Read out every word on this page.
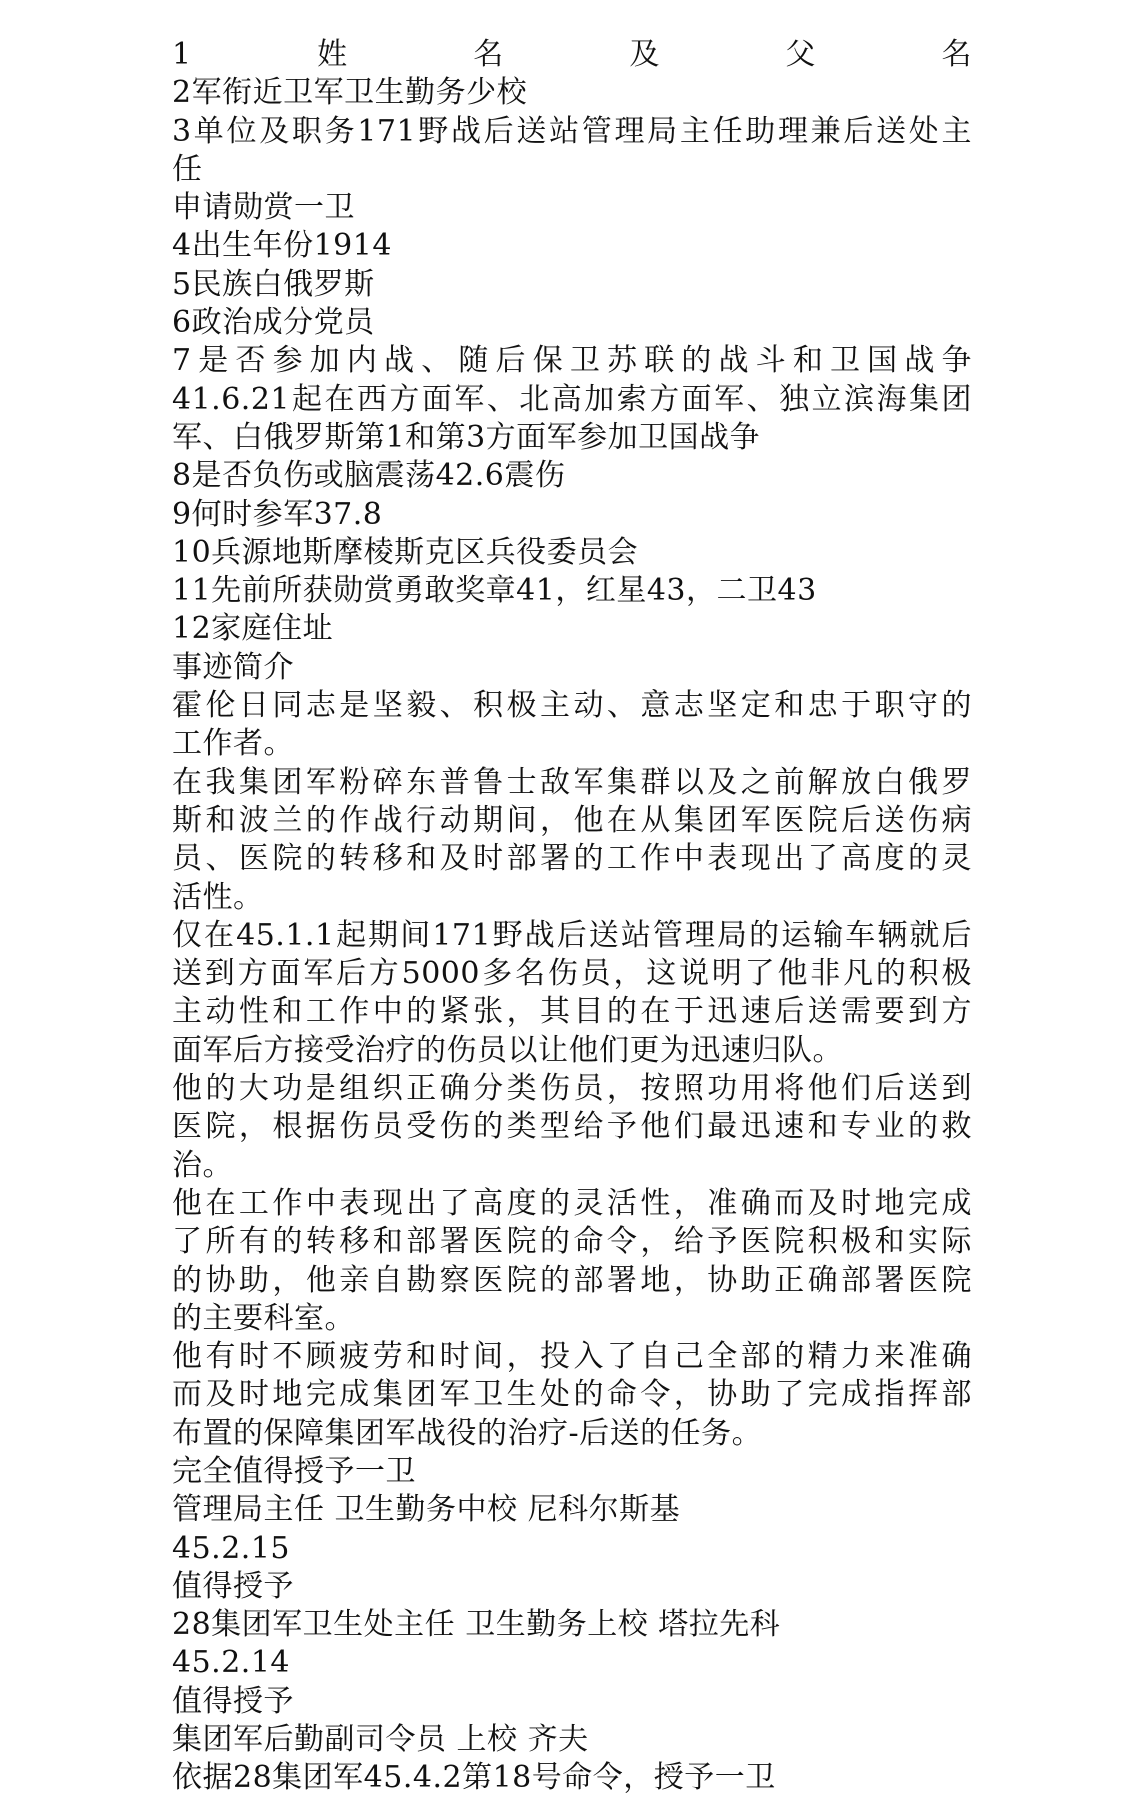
1姓名及父名
2军衔近卫军卫生勤务少校
3单位及职务171野战后送站管理局主任助理兼后送处主
任
申请勋赏一卫
4出生年份1914
5民族白俄罗斯
6政治成分党员
7是否参加内战、随后保卫苏联的战斗和卫国战争
41.6.21起在西方面军、北高加索方面军、独立滨海集团
军、白俄罗斯第1和第3方面军参加卫国战争
8是否负伤或脑震荡42.6震伤
9何时参军37.8
10兵源地斯摩棱斯克区兵役委员会
11先前所获勋赏勇敢奖章41，红星43，二卫43
12家庭住址
事迹简介
霍伦日同志是坚毅、积极主动、意志坚定和忠于职守的
工作者。
在我集团军粉碎东普鲁士敌军集群以及之前解放白俄罗
斯和波兰的作战行动期间，他在从集团军医院后送伤病
员、医院的转移和及时部署的工作中表现出了高度的灵
活性。
仅在45.1.1起期间171野战后送站管理局的运输车辆就后
送到方面军后方5000多名伤员，这说明了他非凡的积极
主动性和工作中的紧张，其目的在于迅速后送需要到方
面军后方接受治疗的伤员以让他们更为迅速归队。
他的大功是组织正确分类伤员，按照功用将他们后送到
医院，根据伤员受伤的类型给予他们最迅速和专业的救
治。
他在工作中表现出了高度的灵活性，准确而及时地完成
了所有的转移和部署医院的命令，给予医院积极和实际
的协助，他亲自勘察医院的部署地，协助正确部署医院
的主要科室。
他有时不顾疲劳和时间，投入了自己全部的精力来准确
而及时地完成集团军卫生处的命令，协助了完成指挥部
布置的保障集团军战役的治疗-后送的任务。
完全值得授予一卫
管理局主任 卫生勤务中校 尼科尔斯基
45.2.15
值得授予
28集团军卫生处主任 卫生勤务上校 塔拉先科
45.2.14
值得授予
集团军后勤副司令员 上校 齐夫
依据28集团军45.4.2第18号命令，授予一卫
